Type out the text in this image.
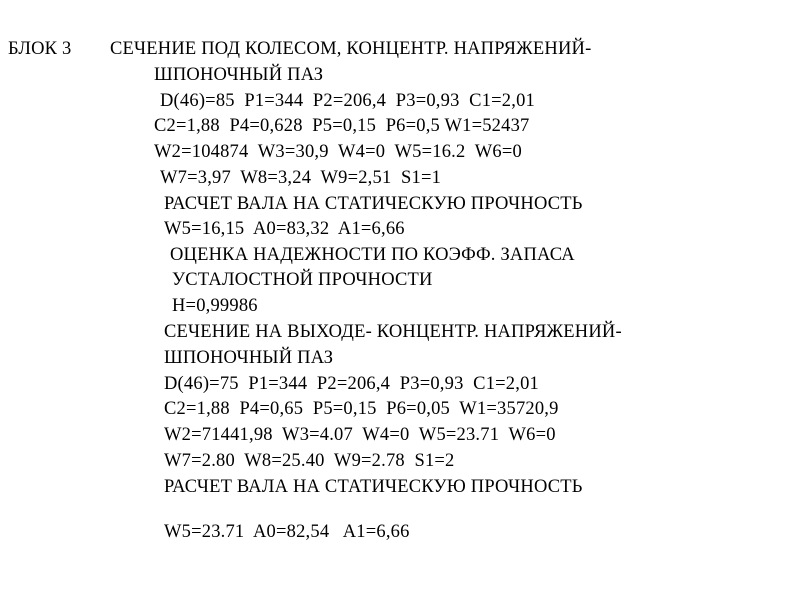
БЛОК 3 СЕЧЕНИЕ ПОД КОЛЕСОМ, КОНЦЕНТР. НАПРЯЖЕНИЙ-
ШПОНОЧНЫЙ ПАЗ
D(46)=85  P1=344  P2=206,4  P3=0,93  C1=2,01
C2=1,88  P4=0,628  P5=0,15  P6=0,5 W1=52437
W2=104874  W3=30,9  W4=0  W5=16.2  W6=0
W7=3,97  W8=3,24  W9=2,51  S1=1
РАСЧЕТ ВАЛА НА СТАТИЧЕСКУЮ ПРОЧНОСТЬ
W5=16,15  A0=83,32  A1=6,66
ОЦЕНКА НАДЕЖНОСТИ ПО КОЭФФ. ЗАПАСА
УСТАЛОСТНОЙ ПРОЧНОСТИ
H=0,99986
СЕЧЕНИЕ НА ВЫХОДЕ- КОНЦЕНТР. НАПРЯЖЕНИЙ-
ШПОНОЧНЫЙ ПАЗ
D(46)=75  P1=344  P2=206,4  P3=0,93  C1=2,01
C2=1,88  P4=0,65  P5=0,15  P6=0,05  W1=35720,9
W2=71441,98  W3=4.07  W4=0  W5=23.71  W6=0
W7=2.80  W8=25.40  W9=2.78  S1=2
РАСЧЕТ ВАЛА НА СТАТИЧЕСКУЮ ПРОЧНОСТЬ
W5=23.71  A0=82,54   A1=6,66
